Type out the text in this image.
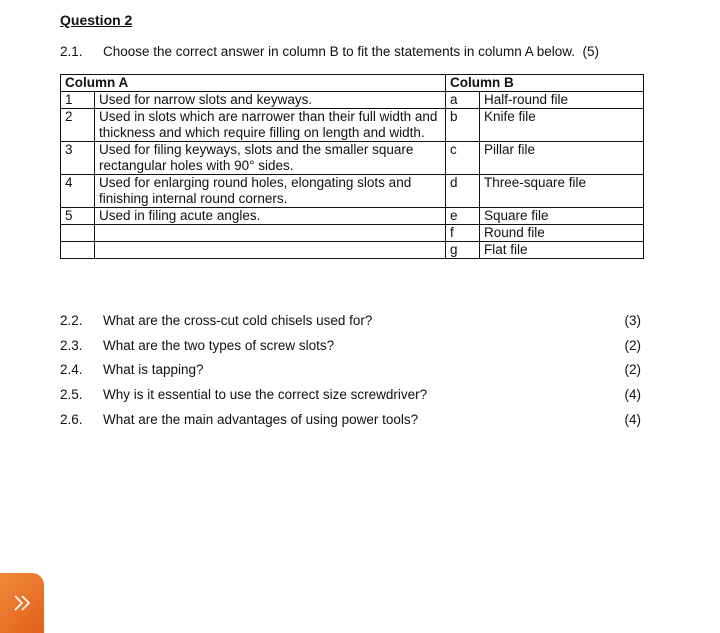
Question 2
2.1. Choose the correct answer in column B to fit the statements in column A below. (5)
Column A		Column B	
1	Used for narrow slots and keyways.	a	Half-round file
2	Used in slots which are narrower than their full width and thickness and which require filling on length and width.	b	Knife file
3	Used for filing keyways, slots and the smaller square rectangular holes with 90° sides.	c	Pillar file
4	Used for enlarging round holes, elongating slots and finishing internal round corners.	d	Three-square file
5	Used in filing acute angles.	e	Square file
		f	Round file
		g	Flat file
2.2. What are the cross-cut cold chisels used for?	(3)
2.3. What are the two types of screw slots?	(2)
2.4. What is tapping?	(2)
2.5. Why is it essential to use the correct size screwdriver?	(4)
2.6. What are the main advantages of using power tools?	(4)
